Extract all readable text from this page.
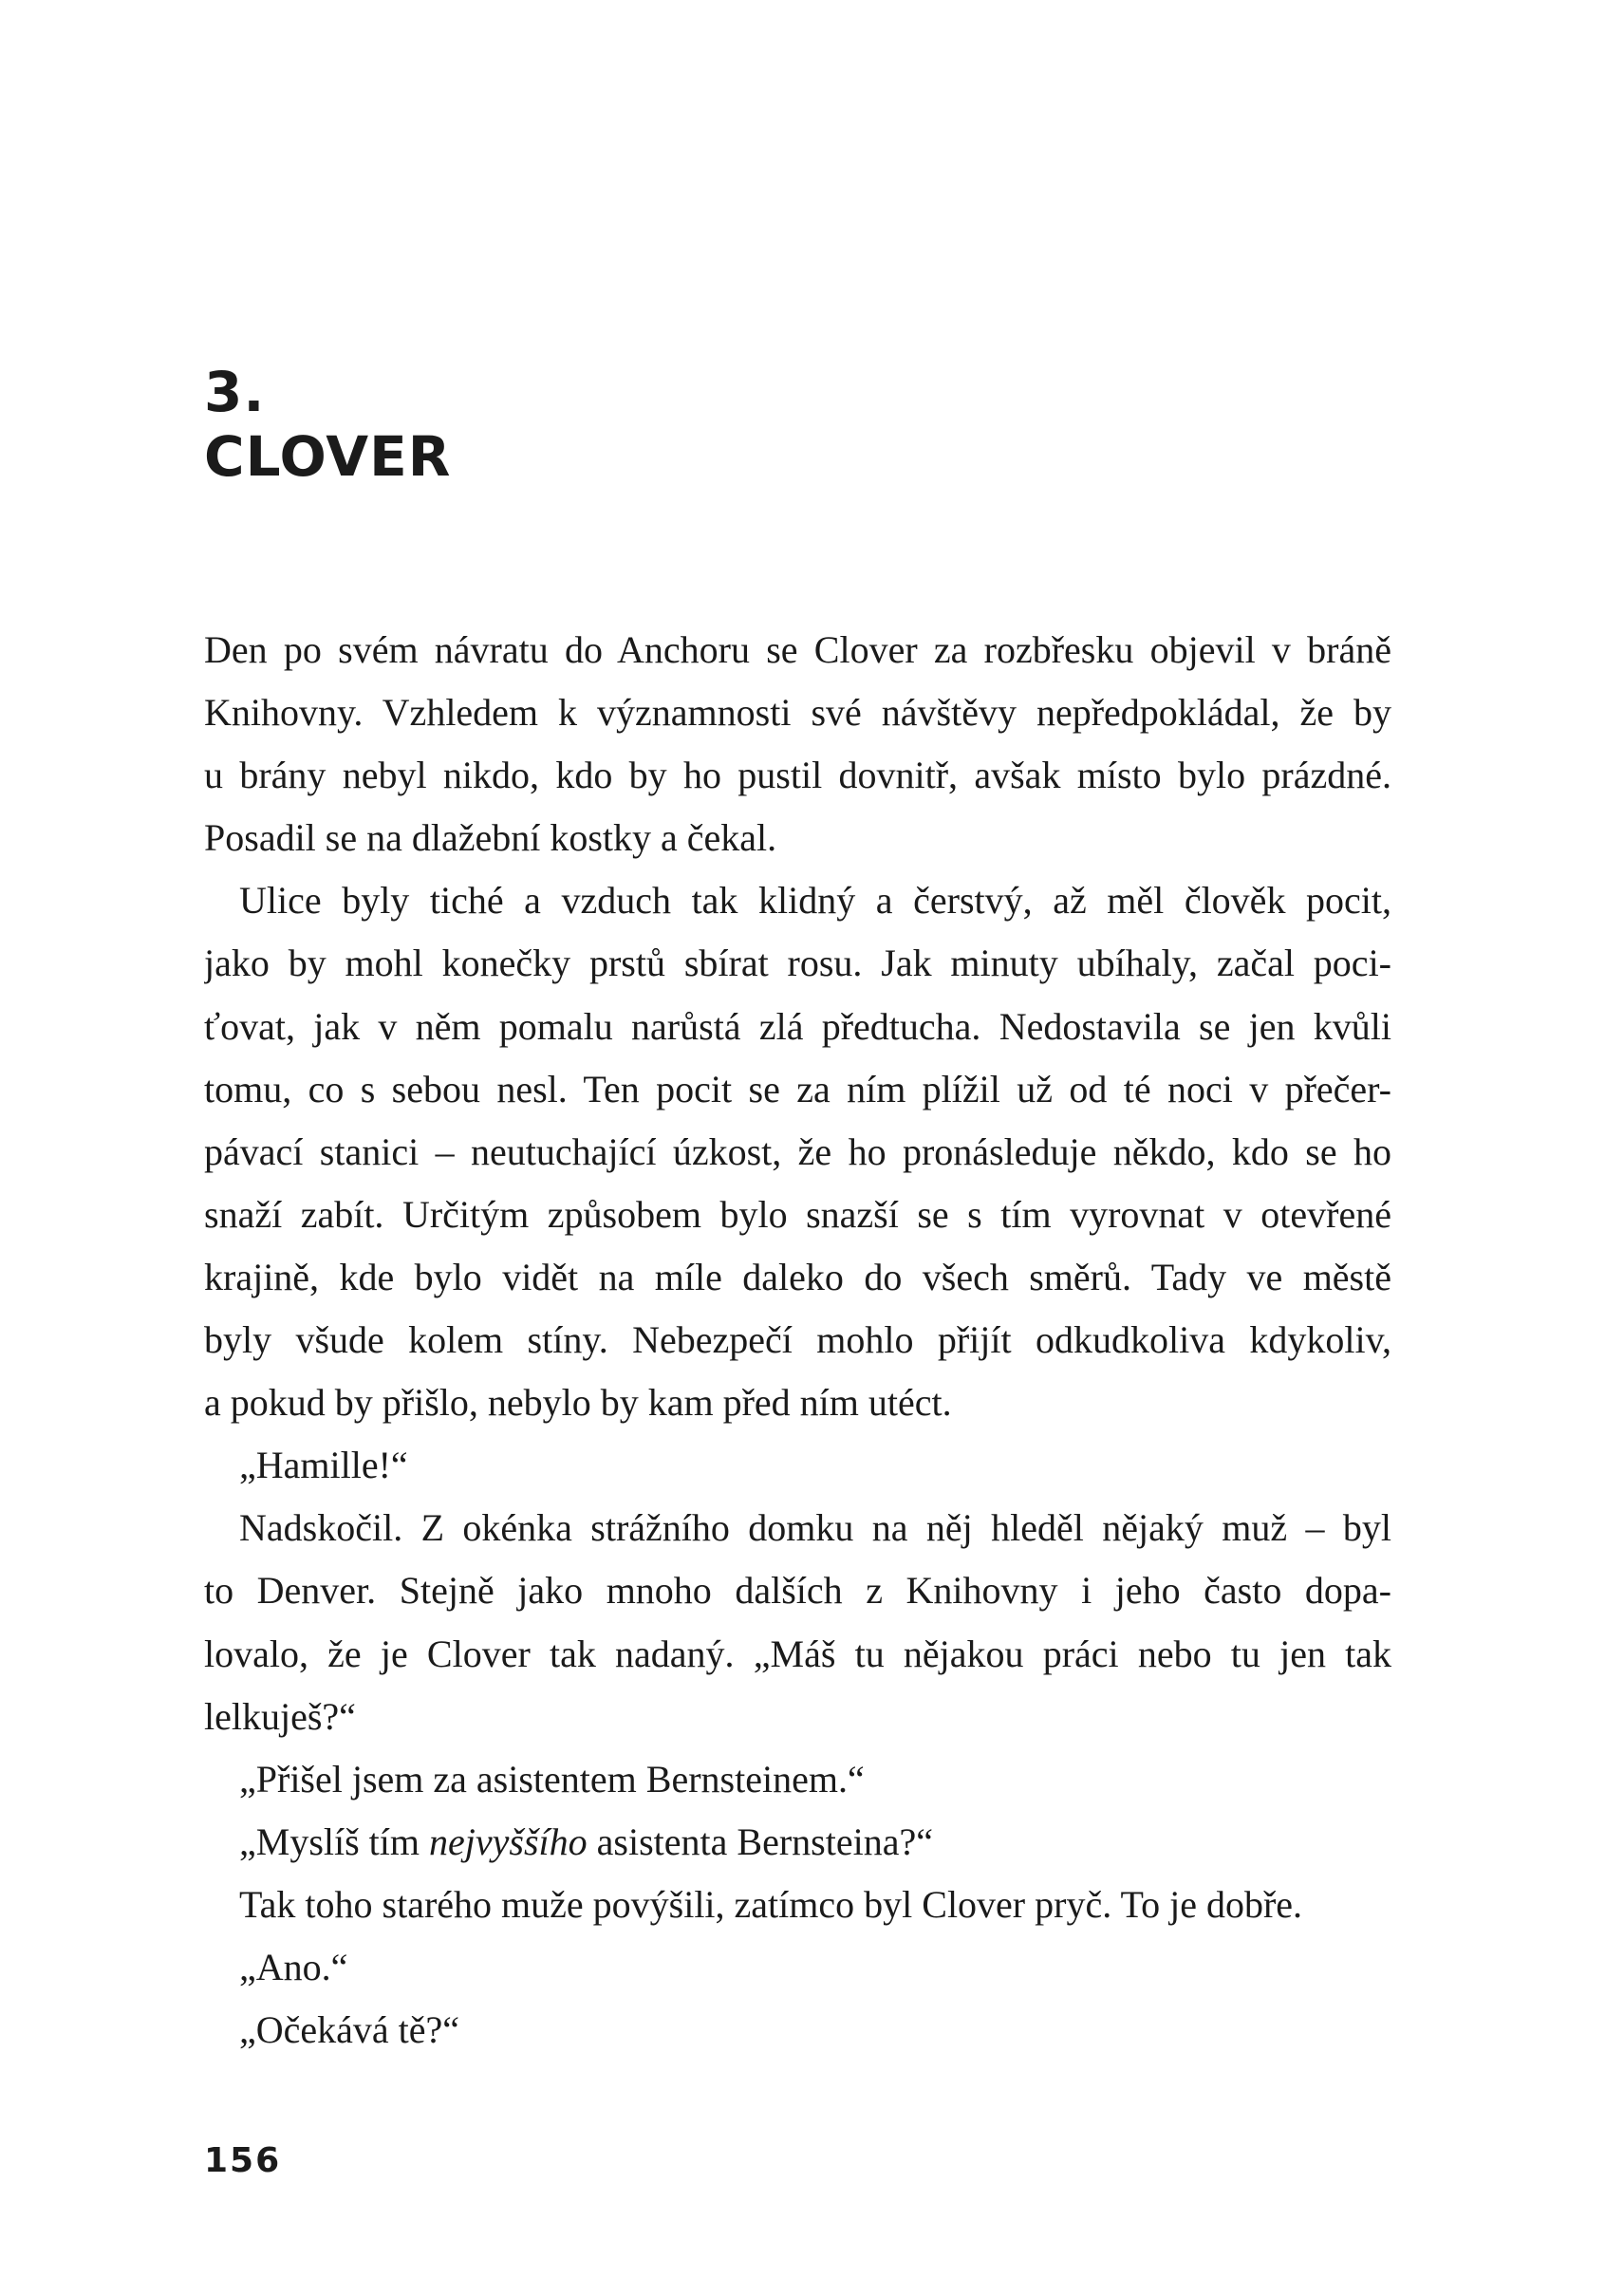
3.
CLOVER
Den po svém návratu do Anchoru se Clover za rozbřesku objevil v bráně
Knihovny. Vzhledem k významnosti své návštěvy nepředpokládal, že by
u brány nebyl nikdo, kdo by ho pustil dovnitř, avšak místo bylo prázdné.
Posadil se na dlažební kostky a čekal.
Ulice byly tiché a vzduch tak klidný a čerstvý, až měl člověk pocit,
jako by mohl konečky prstů sbírat rosu. Jak minuty ubíhaly, začal poci-
ťovat, jak v něm pomalu narůstá zlá předtucha. Nedostavila se jen kvůli
tomu, co s sebou nesl. Ten pocit se za ním plížil už od té noci v přečer-
pávací stanici – neutuchající úzkost, že ho pronásleduje někdo, kdo se ho
snaží zabít. Určitým způsobem bylo snazší se s tím vyrovnat v otevřené
krajině, kde bylo vidět na míle daleko do všech směrů. Tady ve městě
byly všude kolem stíny. Nebezpečí mohlo přijít odkudkoliva kdykoliv,
a pokud by přišlo, nebylo by kam před ním utéct.
„Hamille!“
Nadskočil. Z okénka strážního domku na něj hleděl nějaký muž – byl
to Denver. Stejně jako mnoho dalších z Knihovny i jeho často dopa-
lovalo, že je Clover tak nadaný. „Máš tu nějakou práci nebo tu jen tak
lelkuješ?“
„Přišel jsem za asistentem Bernsteinem.“
„Myslíš tím nejvyššího asistenta Bernsteina?“
Tak toho starého muže povýšili, zatímco byl Clover pryč. To je dobře.
„Ano.“
„Očekává tě?“
156
